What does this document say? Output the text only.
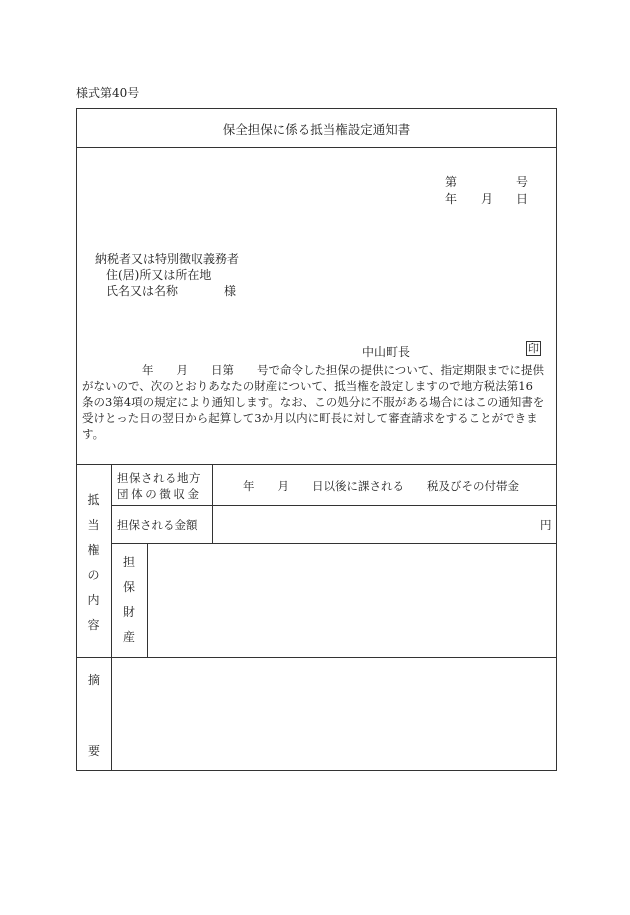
様式第40号
保全担保に係る抵当権設定通知書
第	号
年 月 日
納税者又は特別徴収義務者
住(居)所又は所在地
氏名又は名称	様
中山町長	印
年　　月　　日第　　号で命令した担保の提供について、指定期限までに提供
がないので、次のとおりあなたの財産について、抵当権を設定しますので地方税法第16
条の3第4項の規定により通知します。なお、この処分に不服がある場合にはこの通知書を
受けとった日の翌日から起算して3か月以内に町長に対して審査請求をすることができま
す。
抵
当
権
の
内
容
担保される地方
団体の徴収金
年　　月　　日以後に課される　　税及びその付帯金
担保される金額	円
担
保
財
産
摘
要
